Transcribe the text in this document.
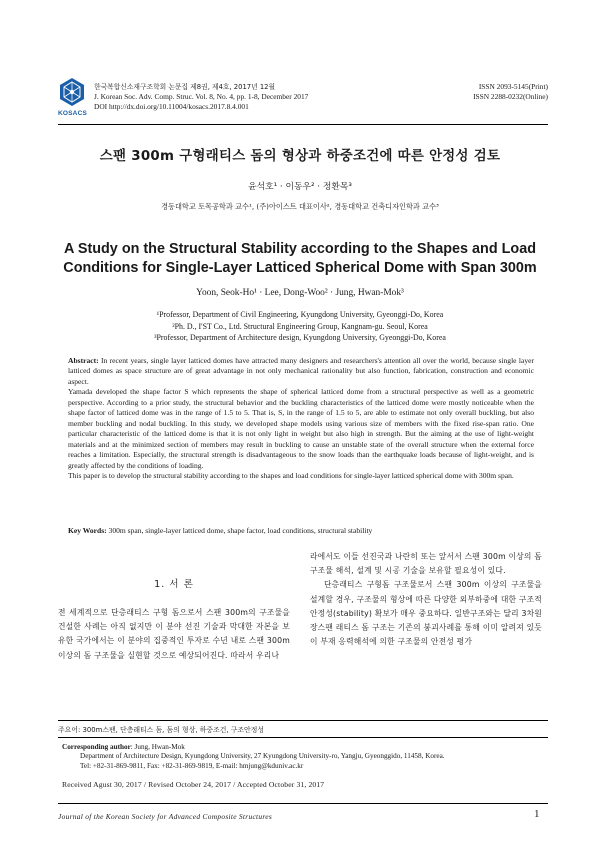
KOSACS
한국복합신소재구조학회 논문집 제8권, 제4호, 2017년 12월
J. Korean Soc. Adv. Comp. Struc. Vol. 8, No. 4, pp. 1-8, December 2017
DOI http://dx.doi.org/10.11004/kosacs.2017.8.4.001
ISSN 2093-5145(Print)
ISSN 2288-0232(Online)
스팬 300m 구형래티스 돔의 형상과 하중조건에 따른 안정성 검토
윤석호¹ · 이동우² · 정환목³
경동대학교 토목공학과 교수¹, (주)아이스트 대표이사², 경동대학교 건축디자인학과 교수³
A Study on the Structural Stability according to the Shapes and Load
Conditions for Single-Layer Latticed Spherical Dome with Span 300m
Yoon, Seok-Ho¹ · Lee, Dong-Woo² · Jung, Hwan-Mok³

¹Professor, Department of Civil Engineering, Kyungdong University, Gyeonggi-Do, Korea

²Ph. D., I'ST Co., Ltd. Structural Engineering Group, Kangnam-gu. Seoul, Korea

³Professor, Department of Architecture design, Kyungdong University, Gyeonggi-Do, Korea

Abstract: In recent years, single layer latticed domes have attracted many designers and researchers's attention all over the world, because single layer latticed domes as space structure are of great advantage in not only mechanical rationality but also function, fabrication, construction and economic aspect.

Yamada developed the shape factor S which represents the shape of spherical latticed dome from a structural perspective as well as a geometric perspective. According to a prior study, the structural behavior and the buckling characteristics of the latticed dome were mostly noticeable when the shape factor of latticed dome was in the range of 1.5 to 5. That is, S, in the range of 1.5 to 5, are able to estimate not only overall buckling, but also member buckling and nodal buckling. In this study, we developed shape models using various size of members with the fixed rise-span ratio. One particular characteristic of the latticed dome is that it is not only light in weight but also high in strength. But the aiming at the use of light-weight materials and at the minimized section of members may result in buckling to cause an unstable state of the overall structure when the external force reaches a limitation. Especially, the structural strength is disadvantageous to the snow loads than the earthquake loads because of light-weight, and is greatly affected by the conditions of loading.

This paper is to develop the structural stability according to the shapes and load conditions for single-layer latticed spherical dome with 300m span.

Key Words: 300m span, single-layer latticed dome, shape factor, load conditions, structural stability
1. 서 론

전 세계적으로 단층래티스 구형 돔으로서 스팬 300m의 구조물을 건설한 사례는 아직 없지만 이 분야 선진 기술과 막대한 자본을 보유한 국가에서는 이 분야의 집중적인 투자로 수년 내로 스팬 300m 이상의 돔 구조물을 실현할 것으로 예상되어진다. 따라서 우리나

라에서도 이들 선진국과 나란히 또는 앞서서 스팬 300m 이상의 돔 구조물 해석, 설계 및 시공 기술을 보유할 필요성이 있다.

단층래티스 구형돔 구조물로서 스팬 300m 이상의 구조물을 설계할 경우, 구조물의 형상에 따른 다양한 외부하중에 대한 구조적 안정성(stability) 확보가 매우 중요하다. 일반구조와는 달리 3차원 장스팬 래티스 돔 구조는 기존의 붕괴사례를 통해 이미 알려져 있듯이 부재 응력해석에 의한 구조물의 안전성 평가

주요어: 300m스팬, 단층래티스 돔, 돔의 형상, 하중조건, 구조안정성
Corresponding author: Jung, Hwan-Mok
Department of Architecture Design, Kyungdong University, 27 Kyungdong University-ro, Yangju, Gyeonggido, 11458, Korea.
Tel: +82-31-869-9811, Fax: +82-31-869-9819, E-mail: hmjung@kduniv.ac.kr
Received Agust 30, 2017 / Revised October 24, 2017 / Accepted October 31, 2017
Journal of the Korean Society for Advanced Composite Structures	1
